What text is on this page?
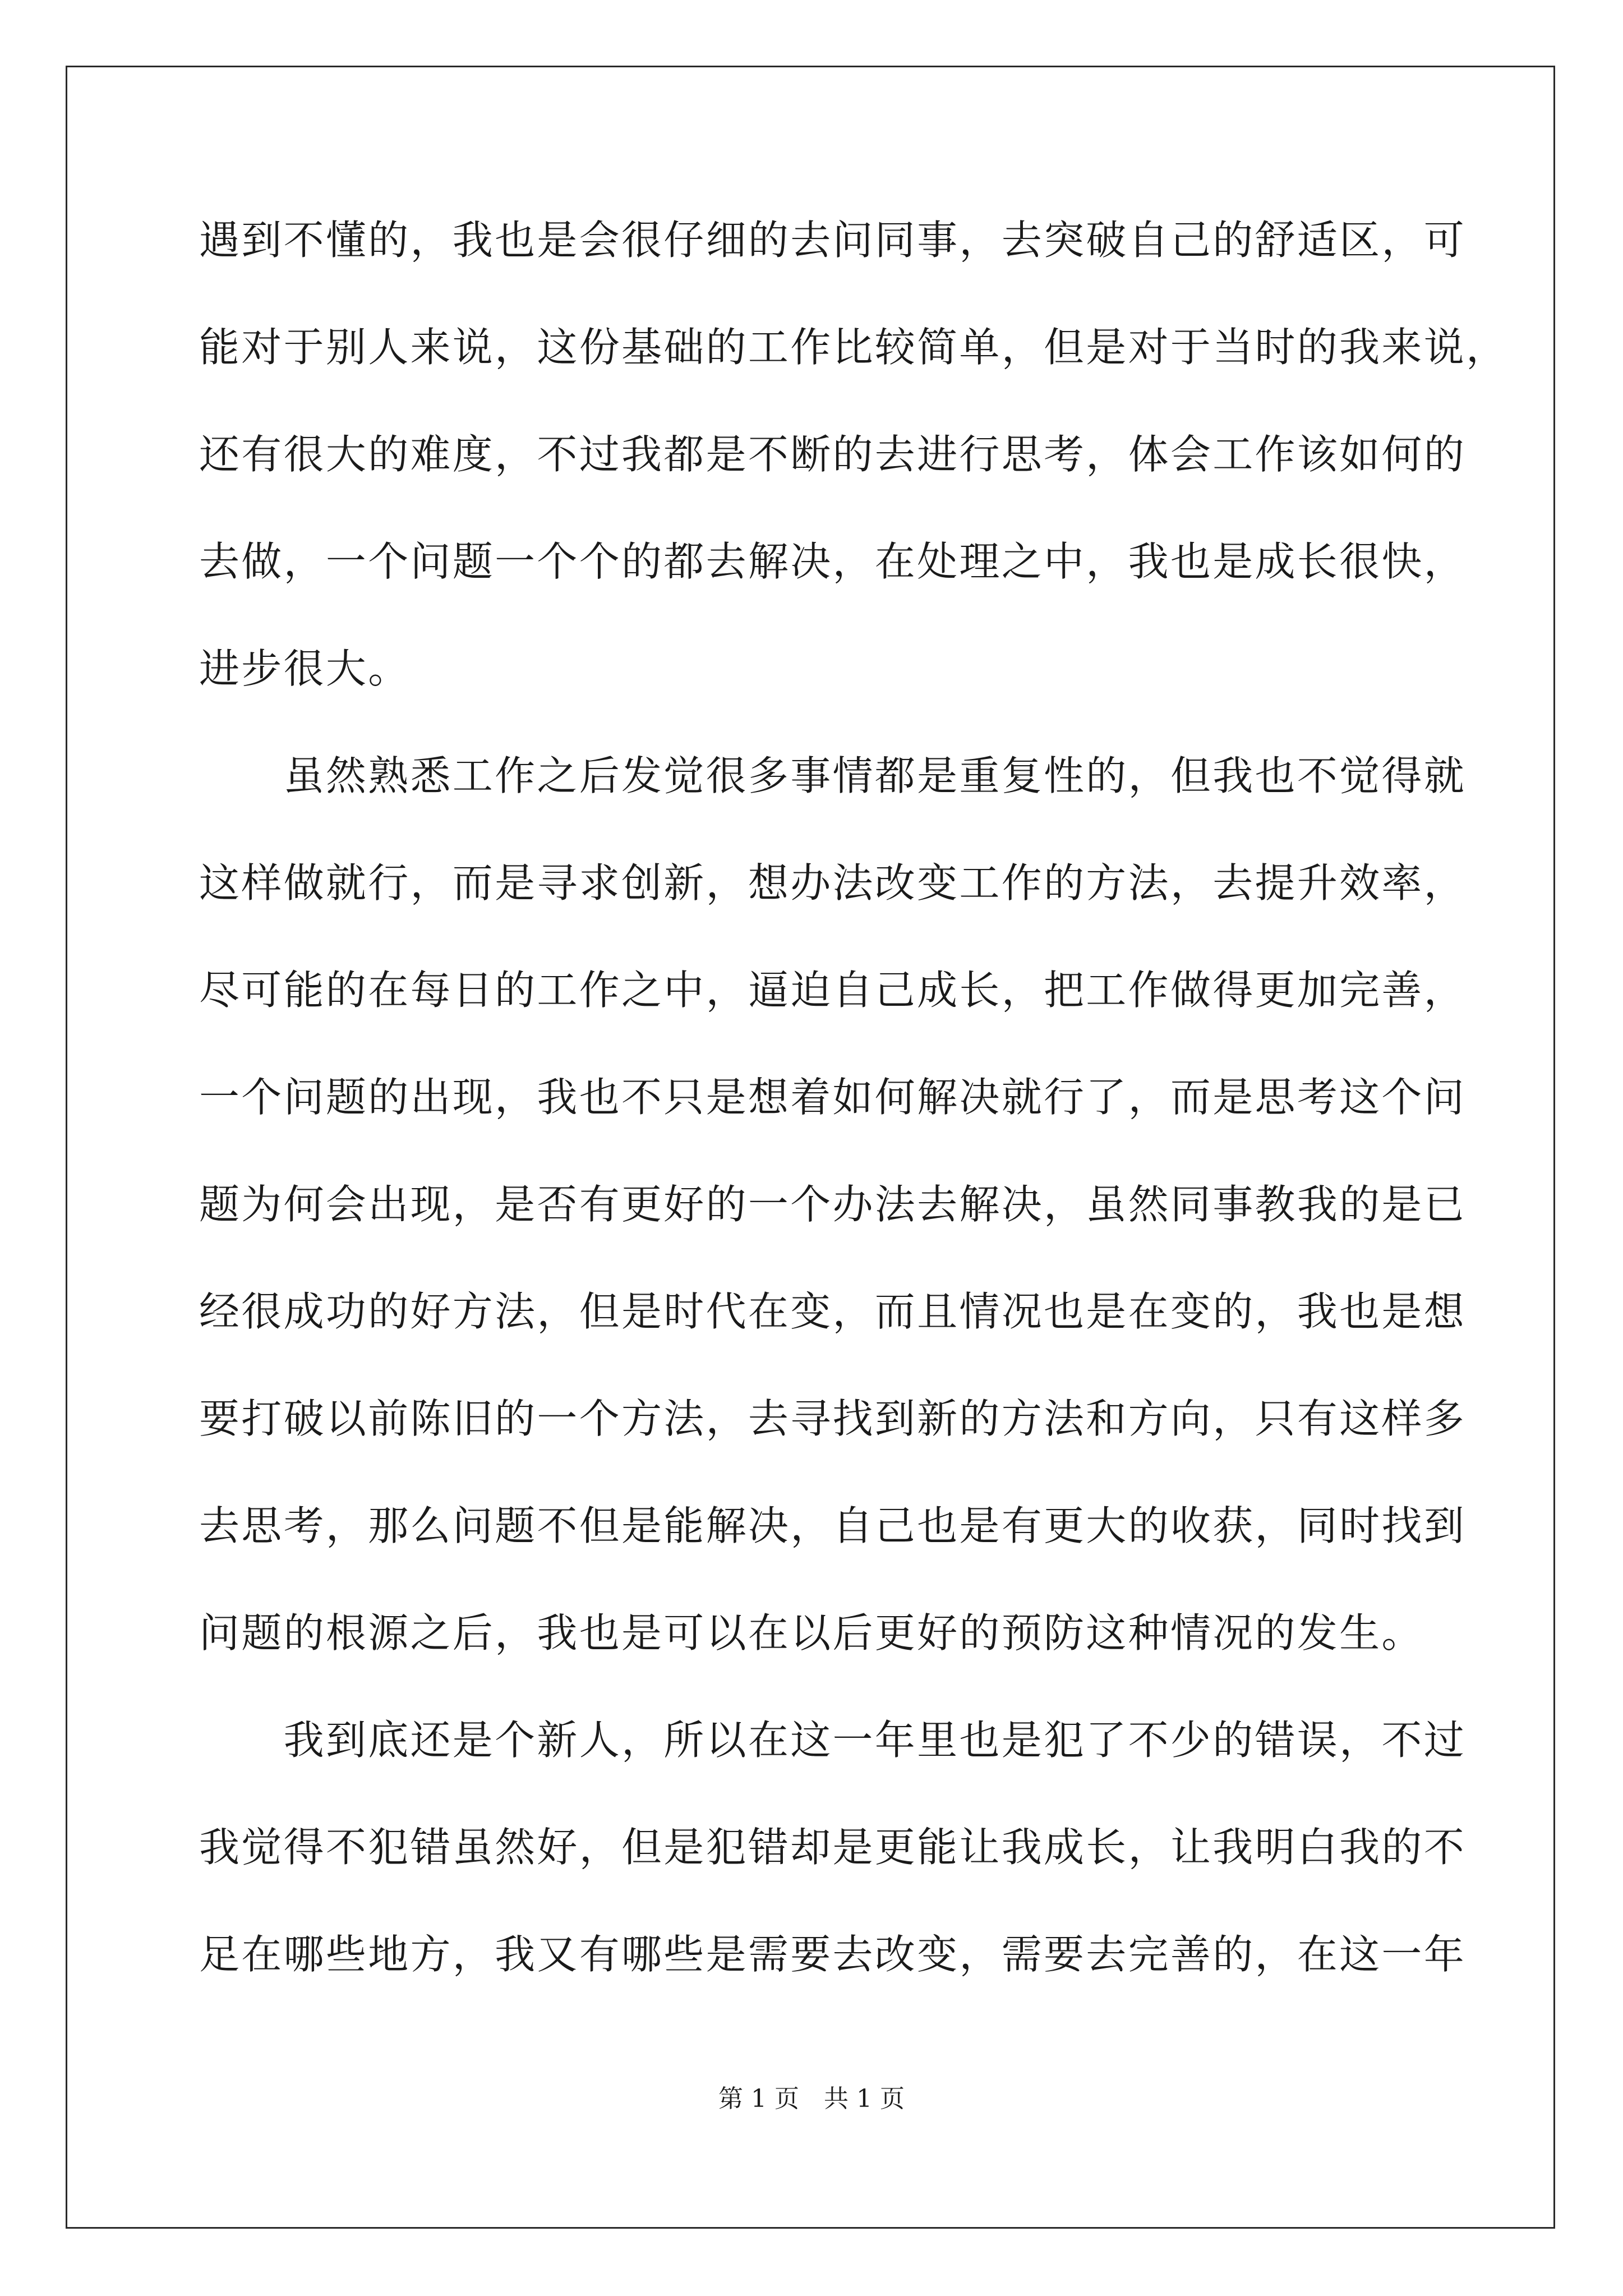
遇到不懂的，我也是会很仔细的去问同事，去突破自己的舒适区，可
能对于别人来说，这份基础的工作比较简单，但是对于当时的我来说，
还有很大的难度，不过我都是不断的去进行思考，体会工作该如何的
去做，一个问题一个个的都去解决，在处理之中，我也是成长很快，
进步很大。
　　虽然熟悉工作之后发觉很多事情都是重复性的，但我也不觉得就
这样做就行，而是寻求创新，想办法改变工作的方法，去提升效率，
尽可能的在每日的工作之中，逼迫自己成长，把工作做得更加完善，
一个问题的出现，我也不只是想着如何解决就行了，而是思考这个问
题为何会出现，是否有更好的一个办法去解决，虽然同事教我的是已
经很成功的好方法，但是时代在变，而且情况也是在变的，我也是想
要打破以前陈旧的一个方法，去寻找到新的方法和方向，只有这样多
去思考，那么问题不但是能解决，自己也是有更大的收获，同时找到
问题的根源之后，我也是可以在以后更好的预防这种情况的发生。
　　我到底还是个新人，所以在这一年里也是犯了不少的错误，不过
我觉得不犯错虽然好，但是犯错却是更能让我成长，让我明白我的不
足在哪些地方，我又有哪些是需要去改变，需要去完善的，在这一年
第 1 页　共 1 页
